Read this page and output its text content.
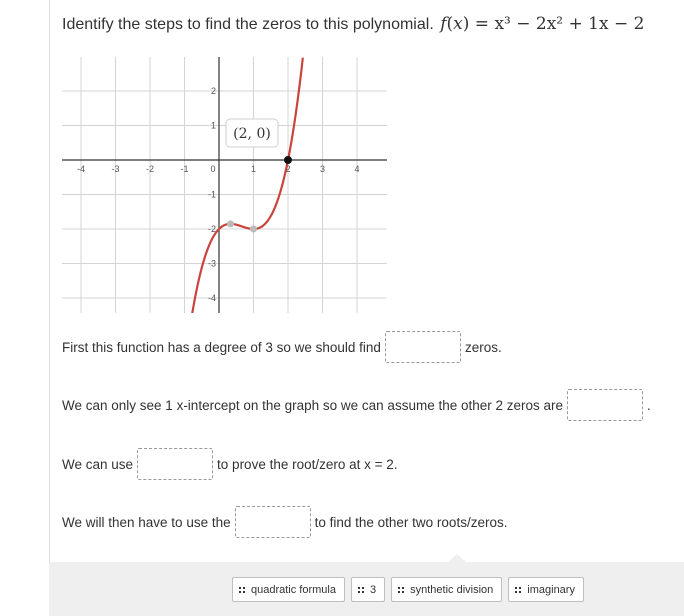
Identify the steps to find the zeros to this polynomial. f(x) = x³ − 2x² + 1x − 2
-4	-3	-2	-1 0	1	2	3	4
2
1
-1
-2
-3
-4
(2, 0)
First this function has a degree of 3 so we should find	zeros.
We can only see 1 x-intercept on the graph so we can assume the other 2 zeros are	.
We can use	to prove the root/zero at x = 2.
We will then have to use the	to find the other two roots/zeros.
quadratic formula	3	synthetic division	imaginary
